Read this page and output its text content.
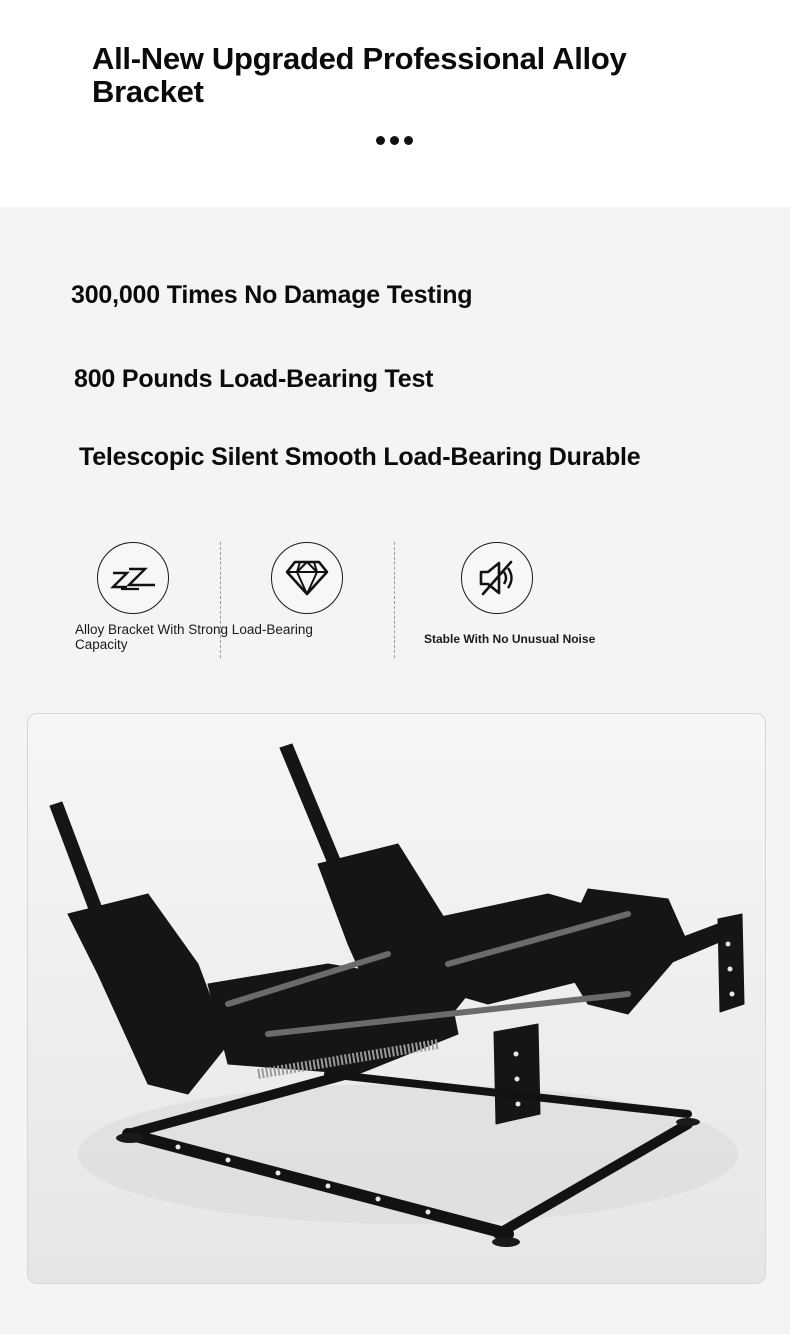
All-New Upgraded Professional Alloy Bracket
300,000 Times No Damage Testing
800 Pounds Load-Bearing Test
Telescopic Silent Smooth Load-Bearing Durable
Alloy Bracket With Strong Load-Bearing Capacity	Stable With No Unusual Noise
